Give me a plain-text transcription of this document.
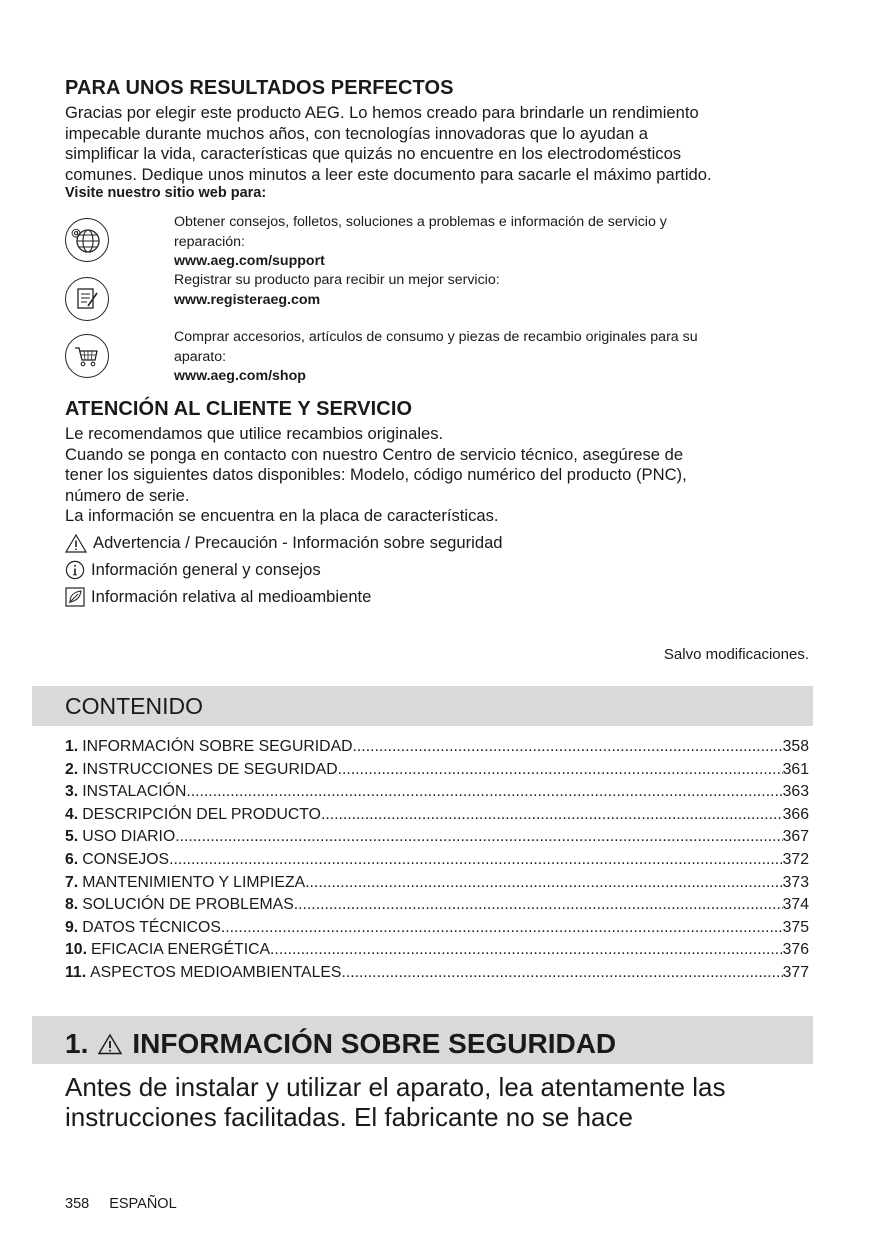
PARA UNOS RESULTADOS PERFECTOS
Gracias por elegir este producto AEG. Lo hemos creado para brindarle un rendimiento
impecable durante muchos años, con tecnologías innovadoras que lo ayudan a
simplificar la vida, características que quizás no encuentre en los electrodomésticos
comunes. Dedique unos minutos a leer este documento para sacarle el máximo partido.
Visite nuestro sitio web para:
@
Obtener consejos, folletos, soluciones a problemas e información de servicio y
reparación:
www.aeg.com/support
Registrar su producto para recibir un mejor servicio:
www.registeraeg.com
Comprar accesorios, artículos de consumo y piezas de recambio originales para su
aparato:
www.aeg.com/shop
ATENCIÓN AL CLIENTE Y SERVICIO
Le recomendamos que utilice recambios originales.
Cuando se ponga en contacto con nuestro Centro de servicio técnico, asegúrese de
tener los siguientes datos disponibles: Modelo, código numérico del producto (PNC),
número de serie.
La información se encuentra en la placa de características.
Advertencia / Precaución - Información sobre seguridad
Información general y consejos
Información relativa al medioambiente
Salvo modificaciones.
CONTENIDO
1. INFORMACIÓN SOBRE SEGURIDAD .....	358
2. INSTRUCCIONES DE SEGURIDAD .....	361
3. INSTALACIÓN .....	363
4. DESCRIPCIÓN DEL PRODUCTO .....	366
5. USO DIARIO .....	367
6. CONSEJOS .....	372
7. MANTENIMIENTO Y LIMPIEZA .....	373
8. SOLUCIÓN DE PROBLEMAS .....	374
9. DATOS TÉCNICOS .....	375
10. EFICACIA ENERGÉTICA .....	376
11. ASPECTOS MEDIOAMBIENTALES .....	377
1. INFORMACIÓN SOBRE SEGURIDAD
Antes de instalar y utilizar el aparato, lea atentamente las
instrucciones facilitadas. El fabricante no se hace
358 ESPAÑOL
